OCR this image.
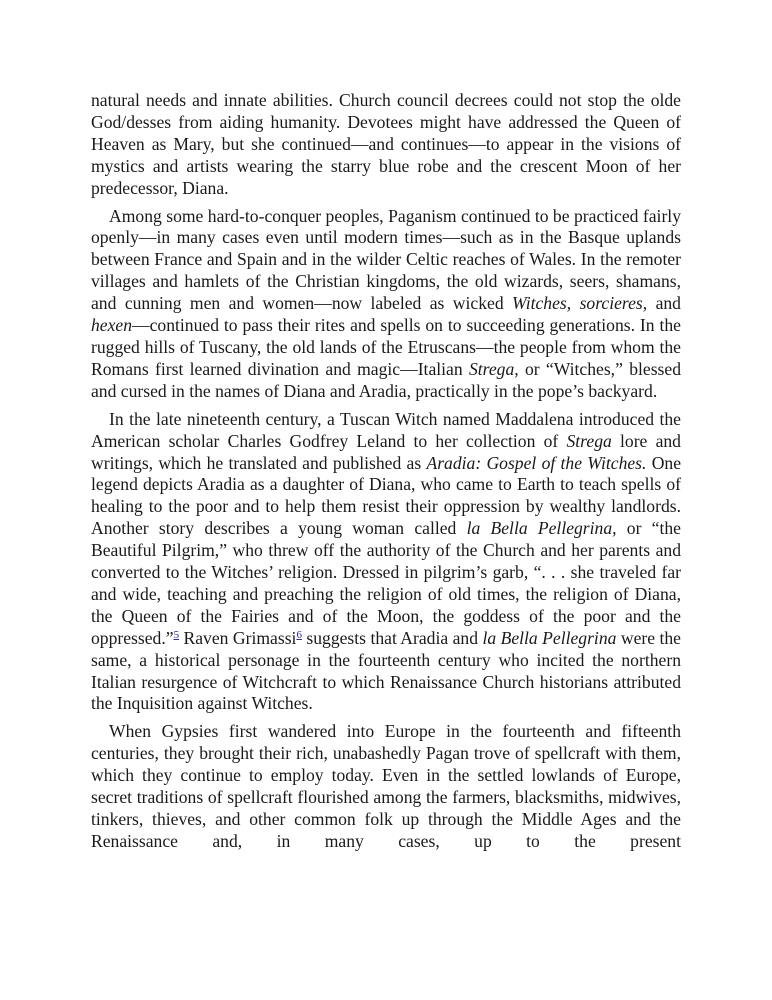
natural needs and innate abilities. Church council decrees could not stop the olde God/desses from aiding humanity. Devotees might have addressed the Queen of Heaven as Mary, but she continued—and continues—to appear in the visions of mystics and artists wearing the starry blue robe and the crescent Moon of her predecessor, Diana.

Among some hard-to-conquer peoples, Paganism continued to be practiced fairly openly—in many cases even until modern times—such as in the Basque uplands between France and Spain and in the wilder Celtic reaches of Wales. In the remoter villages and hamlets of the Christian kingdoms, the old wizards, seers, shamans, and cunning men and women—now labeled as wicked Witches, sorcieres, and hexen—continued to pass their rites and spells on to succeeding generations. In the rugged hills of Tuscany, the old lands of the Etruscans—the people from whom the Romans first learned divination and magic—Italian Strega, or “Witches,” blessed and cursed in the names of Diana and Aradia, practically in the pope’s backyard.

In the late nineteenth century, a Tuscan Witch named Maddalena introduced the American scholar Charles Godfrey Leland to her collection of Strega lore and writings, which he translated and published as Aradia: Gospel of the Witches. One legend depicts Aradia as a daughter of Diana, who came to Earth to teach spells of healing to the poor and to help them resist their oppression by wealthy landlords. Another story describes a young woman called la Bella Pellegrina, or “the Beautiful Pilgrim,” who threw off the authority of the Church and her parents and converted to the Witches’ religion. Dressed in pilgrim’s garb, “. . . she traveled far and wide, teaching and preaching the religion of old times, the religion of Diana, the Queen of the Fairies and of the Moon, the goddess of the poor and the oppressed.”$^5$ Raven Grimassi$^6$ suggests that Aradia and la Bella Pellegrina were the same, a historical personage in the fourteenth century who incited the northern Italian resurgence of Witchcraft to which Renaissance Church historians attributed the Inquisition against Witches.

When Gypsies first wandered into Europe in the fourteenth and fifteenth centuries, they brought their rich, unabashedly Pagan trove of spellcraft with them, which they continue to employ today. Even in the settled lowlands of Europe, secret traditions of spellcraft flourished among the farmers, blacksmiths, midwives, tinkers, thieves, and other common folk up through the Middle Ages and the Renaissance and, in many cases, up to the present
